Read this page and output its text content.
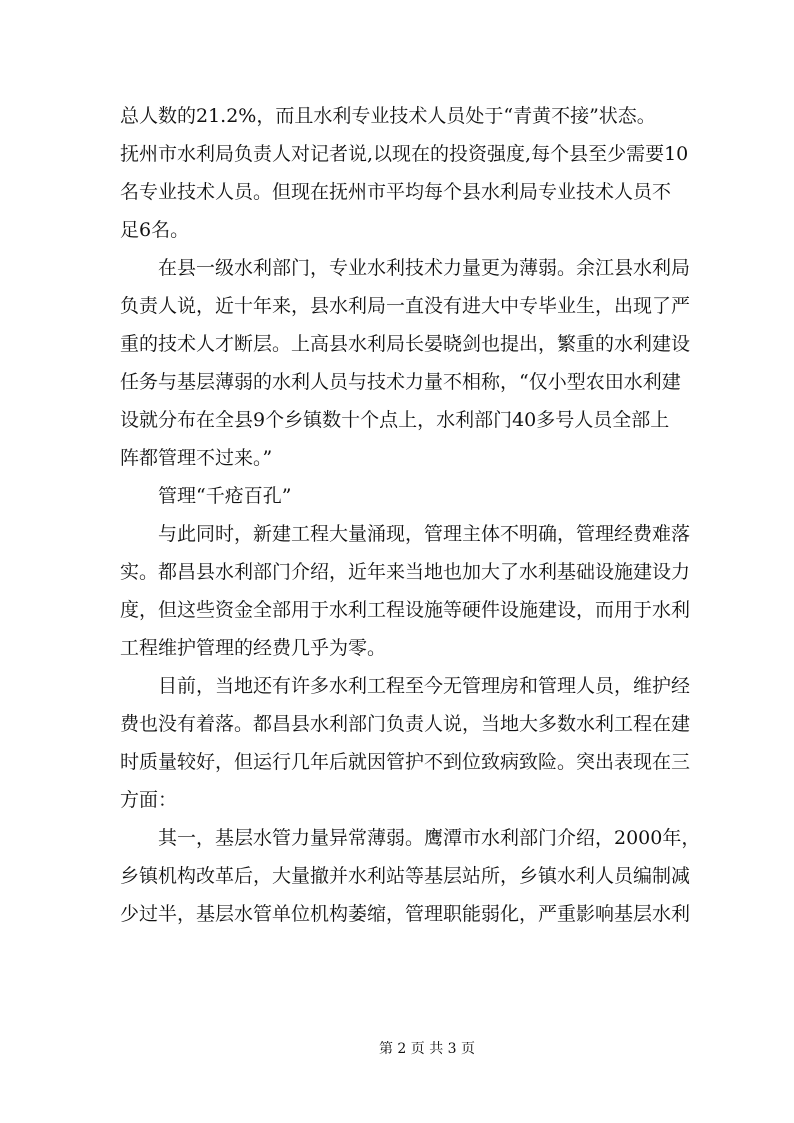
总人数的21.2%，而且水利专业技术人员处于“青黄不接”状态。
抚州市水利局负责人对记者说,以现在的投资强度,每个县至少需要10
名专业技术人员。但现在抚州市平均每个县水利局专业技术人员不
足6名。
　　在县一级水利部门，专业水利技术力量更为薄弱。余江县水利局
负责人说，近十年来，县水利局一直没有进大中专毕业生，出现了严
重的技术人才断层。上高县水利局长晏晓剑也提出，繁重的水利建设
任务与基层薄弱的水利人员与技术力量不相称，“仅小型农田水利建
设就分布在全县9个乡镇数十个点上，水利部门40多号人员全部上
阵都管理不过来。”
　　管理“千疮百孔”
　　与此同时，新建工程大量涌现，管理主体不明确，管理经费难落
实。都昌县水利部门介绍，近年来当地也加大了水利基础设施建设力
度，但这些资金全部用于水利工程设施等硬件设施建设，而用于水利
工程维护管理的经费几乎为零。
　　目前，当地还有许多水利工程至今无管理房和管理人员，维护经
费也没有着落。都昌县水利部门负责人说，当地大多数水利工程在建
时质量较好，但运行几年后就因管护不到位致病致险。突出表现在三
方面：
　　其一，基层水管力量异常薄弱。鹰潭市水利部门介绍，2000年，
乡镇机构改革后，大量撤并水利站等基层站所，乡镇水利人员编制减
少过半，基层水管单位机构萎缩，管理职能弱化，严重影响基层水利
第 2 页 共 3 页
